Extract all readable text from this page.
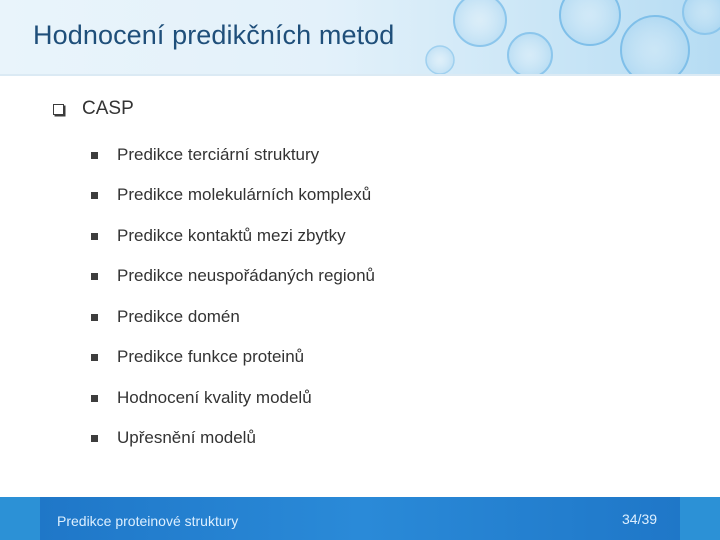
Hodnocení predikčních metod
CASP
Predikce terciární struktury
Predikce molekulárních komplexů
Predikce kontaktů mezi zbytky
Predikce neuspořádaných regionů
Predikce domén
Predikce funkce proteinů
Hodnocení kvality modelů
Upřesnění modelů
Predikce proteinové struktury	34/39
